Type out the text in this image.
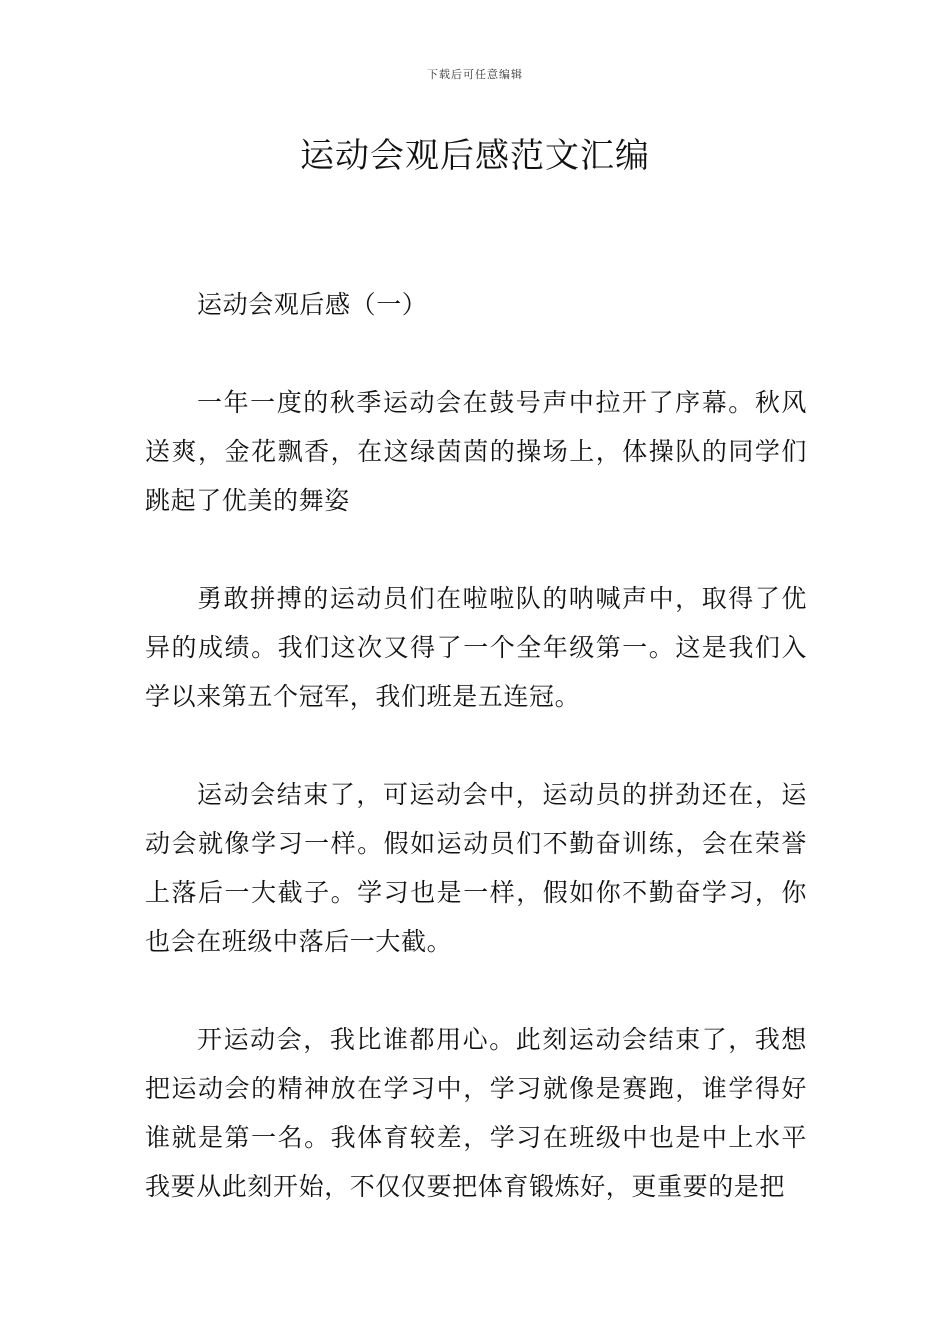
下载后可任意编辑
运动会观后感范文汇编

运动会观后感（一）

一年一度的秋季运动会在鼓号声中拉开了序幕。秋风送爽，金花飘香，在这绿茵茵的操场上，体操队的同学们跳起了优美的舞姿

勇敢拼搏的运动员们在啦啦队的呐喊声中，取得了优异的成绩。我们这次又得了一个全年级第一。这是我们入学以来第五个冠军，我们班是五连冠。

运动会结束了，可运动会中，运动员的拼劲还在，运动会就像学习一样。假如运动员们不勤奋训练，会在荣誉上落后一大截子。学习也是一样，假如你不勤奋学习，你也会在班级中落后一大截。

开运动会，我比谁都用心。此刻运动会结束了，我想把运动会的精神放在学习中，学习就像是赛跑，谁学得好谁就是第一名。我体育较差，学习在班级中也是中上水平我要从此刻开始，不仅仅要把体育锻炼好，更重要的是把
